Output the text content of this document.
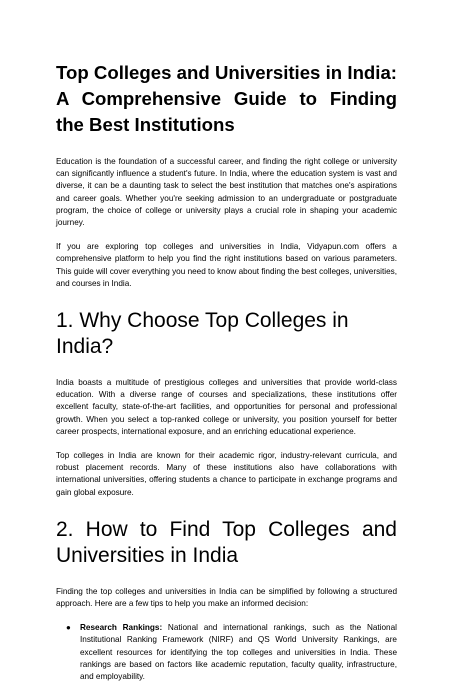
Top Colleges and Universities in India: A Comprehensive Guide to Finding the Best Institutions

Education is the foundation of a successful career, and finding the right college or university can significantly influence a student's future. In India, where the education system is vast and diverse, it can be a daunting task to select the best institution that matches one's aspirations and career goals. Whether you're seeking admission to an undergraduate or postgraduate program, the choice of college or university plays a crucial role in shaping your academic journey.

If you are exploring top colleges and universities in India, Vidyapun.com offers a comprehensive platform to help you find the right institutions based on various parameters. This guide will cover everything you need to know about finding the best colleges, universities, and courses in India.

1. Why Choose Top Colleges in India?

India boasts a multitude of prestigious colleges and universities that provide world-class education. With a diverse range of courses and specializations, these institutions offer excellent faculty, state-of-the-art facilities, and opportunities for personal and professional growth. When you select a top-ranked college or university, you position yourself for better career prospects, international exposure, and an enriching educational experience.

Top colleges in India are known for their academic rigor, industry-relevant curricula, and robust placement records. Many of these institutions also have collaborations with international universities, offering students a chance to participate in exchange programs and gain global exposure.

2. How to Find Top Colleges and Universities in India

Finding the top colleges and universities in India can be simplified by following a structured approach. Here are a few tips to help you make an informed decision:

● Research Rankings: National and international rankings, such as the National Institutional Ranking Framework (NIRF) and QS World University Rankings, are excellent resources for identifying the top colleges and universities in India. These rankings are based on factors like academic reputation, faculty quality, infrastructure, and employability.
